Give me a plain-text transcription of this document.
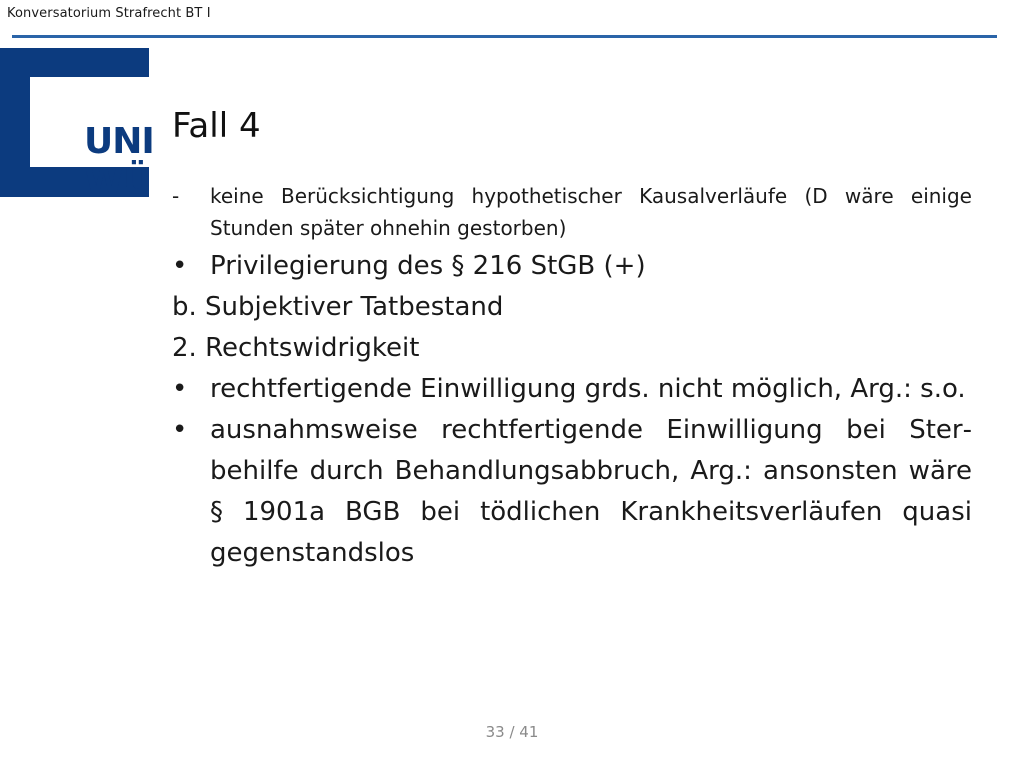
Konversatorium Strafrecht BT I
UNI
WÜ
Fall 4
-	keine Berücksichtigung hypothetischer Kausalverläufe (D wäre einige Stunden später ohnehin gestorben)
• Privilegierung des § 216 StGB (+)
b. Subjektiver Tatbestand
2. Rechtswidrigkeit
• rechtfertigende Einwilligung grds. nicht möglich, Arg.: s.o.
• ausnahmsweise rechtfertigende Einwilligung bei Sterbehilfe durch Behandlungsabbruch, Arg.: ansonsten wäre § 1901a BGB bei tödlichen Krankheitsverläufen quasi gegenstandslos
33 / 41
